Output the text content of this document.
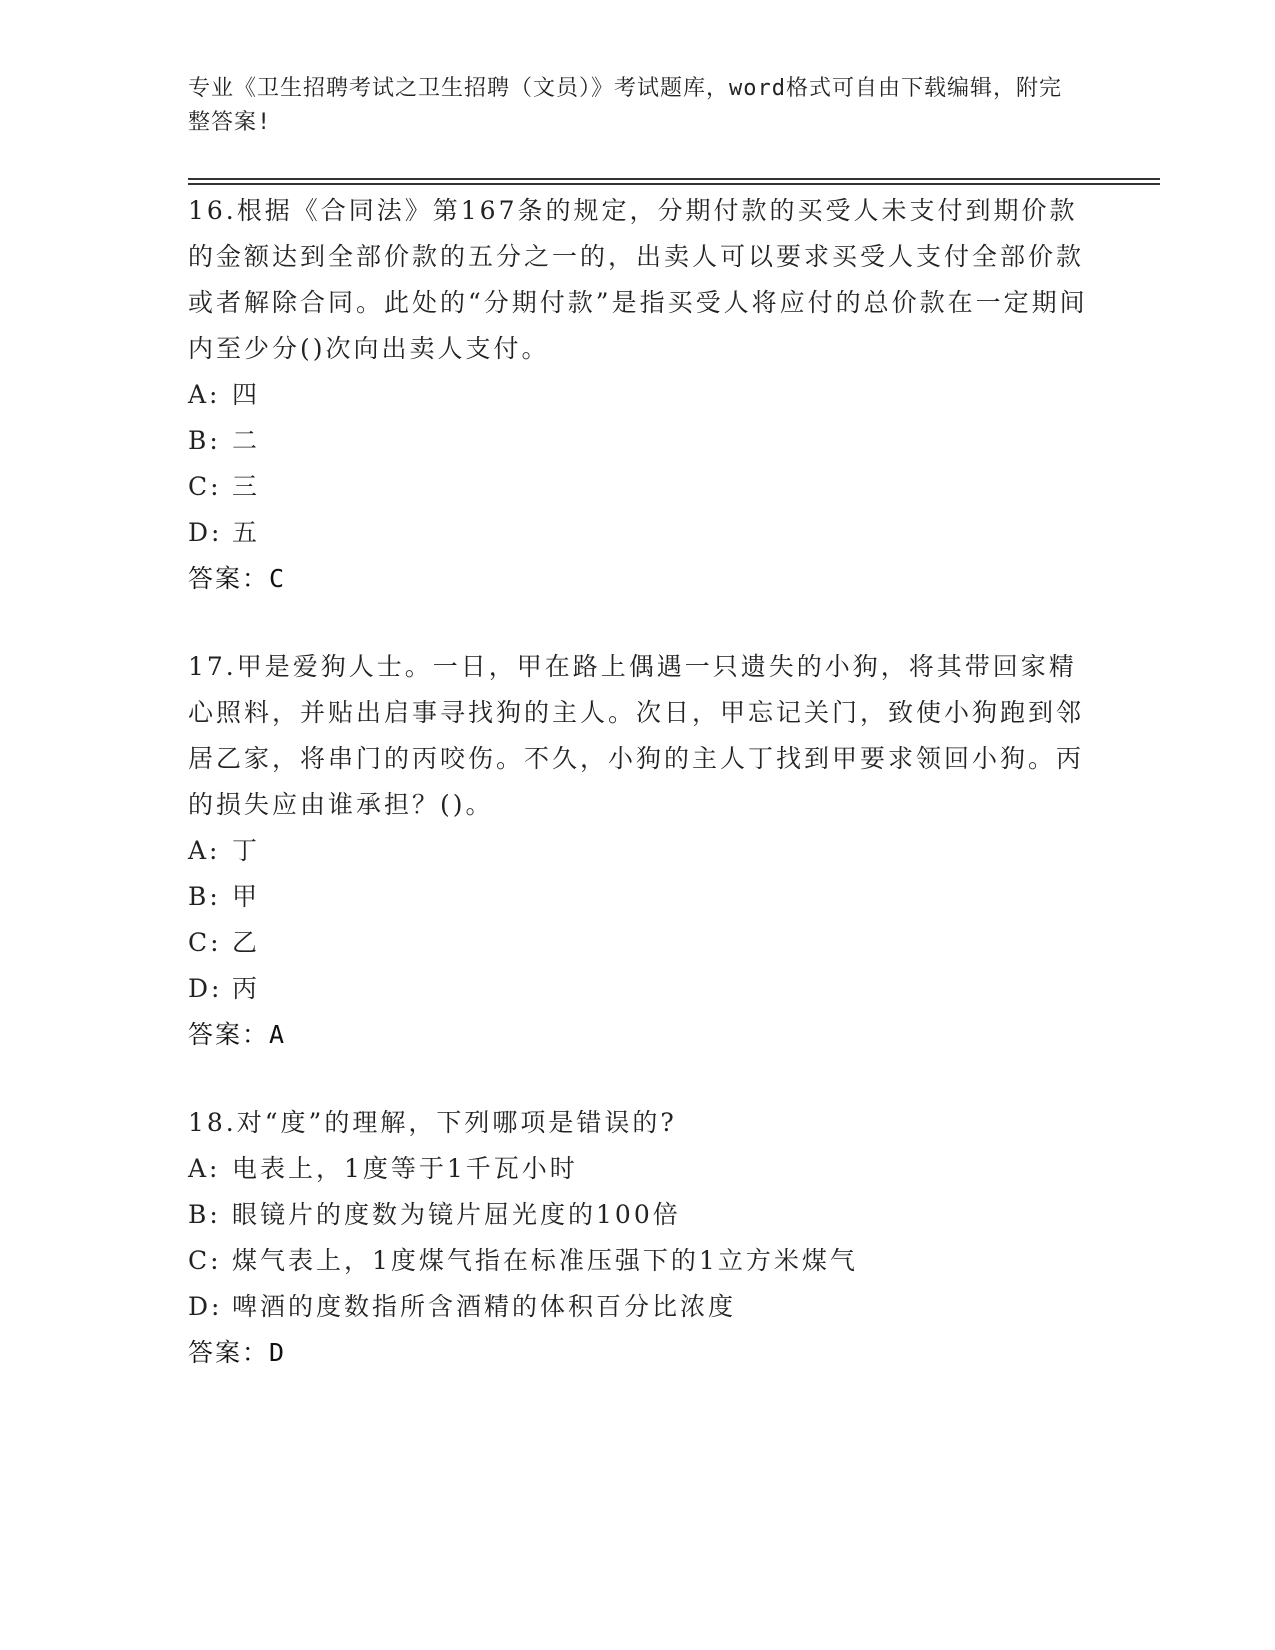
专业《卫生招聘考试之卫生招聘（文员）》考试题库，word格式可自由下载编辑，附完整答案!

16.根据《合同法》第167条的规定，分期付款的买受人未支付到期价款的金额达到全部价款的五分之一的，出卖人可以要求买受人支付全部价款或者解除合同。此处的“分期付款”是指买受人将应付的总价款在一定期间内至少分()次向出卖人支付。

A: 四

B: 二

C: 三

D: 五

答案：C

17.甲是爱狗人士。一日，甲在路上偶遇一只遗失的小狗，将其带回家精心照料，并贴出启事寻找狗的主人。次日，甲忘记关门，致使小狗跑到邻居乙家，将串门的丙咬伤。不久，小狗的主人丁找到甲要求领回小狗。丙的损失应由谁承担？()。

A: 丁

B: 甲

C: 乙

D: 丙

答案：A

18.对“度”的理解，下列哪项是错误的?

A: 电表上，1度等于1千瓦小时

B: 眼镜片的度数为镜片屈光度的100倍

C: 煤气表上，1度煤气指在标准压强下的1立方米煤气

D: 啤酒的度数指所含酒精的体积百分比浓度

答案：D
